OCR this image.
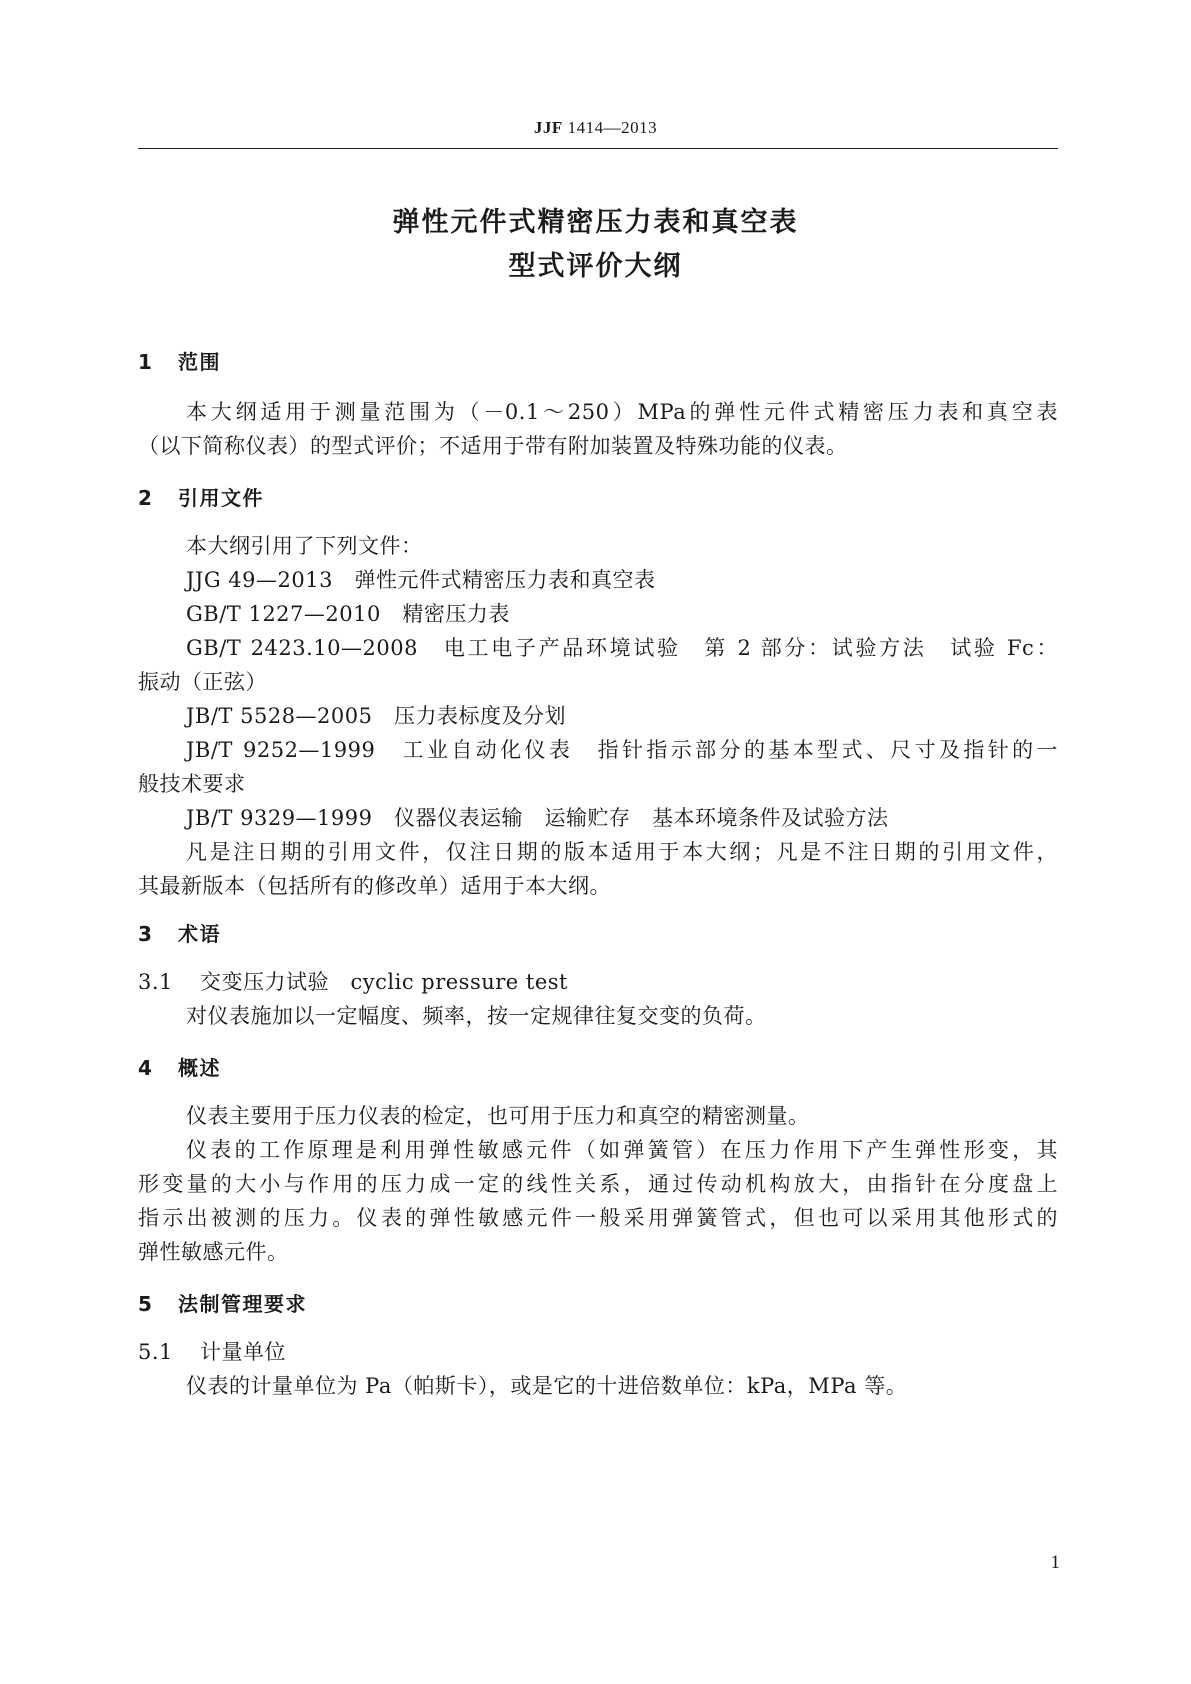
JJF 1414—2013
弹性元件式精密压力表和真空表
型式评价大纲
1 范围
本大纲适用于测量范围为（－0.1～250）MPa的弹性元件式精密压力表和真空表
（以下简称仪表）的型式评价；不适用于带有附加装置及特殊功能的仪表。
2 引用文件
本大纲引用了下列文件：
JJG 49—2013　弹性元件式精密压力表和真空表
GB/T 1227—2010　精密压力表
GB/T 2423.10—2008　电工电子产品环境试验　第 2 部分：试验方法　试验 Fc：
振动（正弦）
JB/T 5528—2005　压力表标度及分划
JB/T 9252—1999　工业自动化仪表　指针指示部分的基本型式、尺寸及指针的一
般技术要求
JB/T 9329—1999　仪器仪表运输　运输贮存　基本环境条件及试验方法
凡是注日期的引用文件，仅注日期的版本适用于本大纲；凡是不注日期的引用文件，
其最新版本（包括所有的修改单）适用于本大纲。
3 术语
3.1 交变压力试验　cyclic pressure test
对仪表施加以一定幅度、频率，按一定规律往复交变的负荷。
4 概述
仪表主要用于压力仪表的检定，也可用于压力和真空的精密测量。
仪表的工作原理是利用弹性敏感元件（如弹簧管）在压力作用下产生弹性形变，其
形变量的大小与作用的压力成一定的线性关系，通过传动机构放大，由指针在分度盘上
指示出被测的压力。仪表的弹性敏感元件一般采用弹簧管式，但也可以采用其他形式的
弹性敏感元件。
5 法制管理要求
5.1 计量单位
仪表的计量单位为 Pa（帕斯卡），或是它的十进倍数单位：kPa，MPa 等。
1
